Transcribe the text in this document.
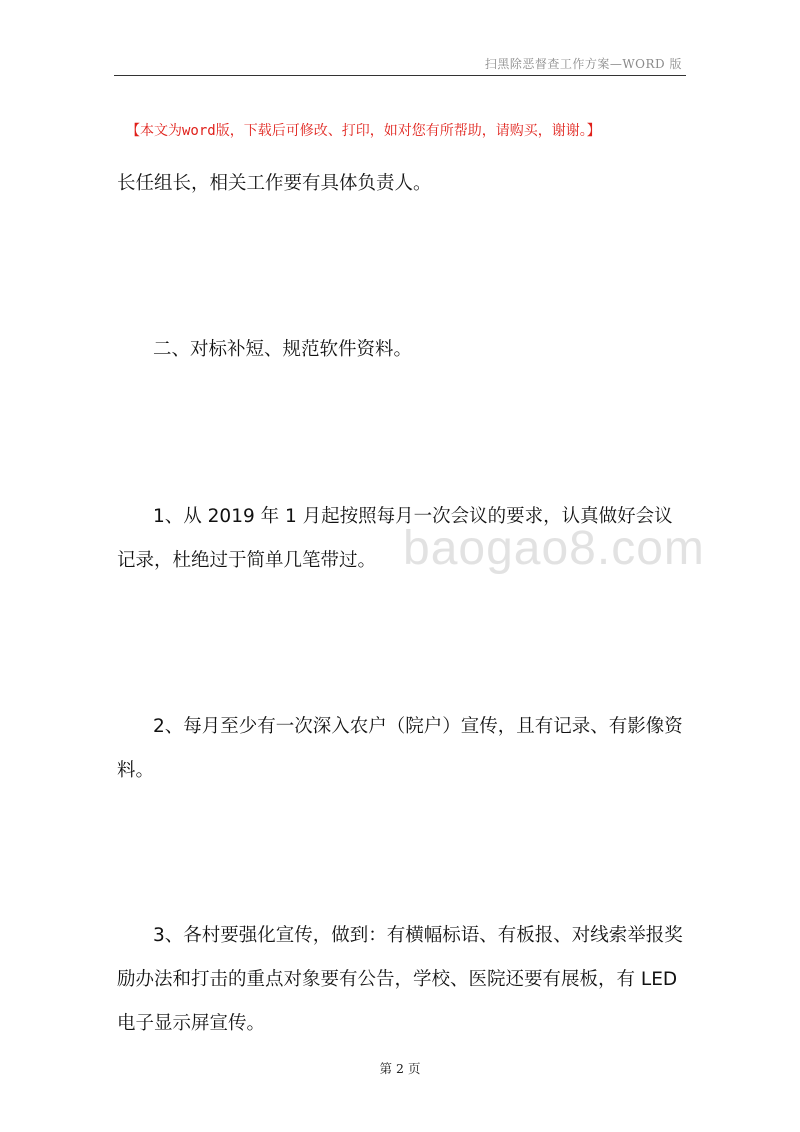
扫黑除恶督查工作方案—WORD 版
【本文为word版，下载后可修改、打印，如对您有所帮助，请购买，谢谢。】
长任组长，相关工作要有具体负责人。
二、对标补短、规范软件资料。
1、从 2019 年 1 月起按照每月一次会议的要求，认真做好会议记录，杜绝过于简单几笔带过。 baogao8.com
2、每月至少有一次深入农户（院户）宣传，且有记录、有影像资料。
3、各村要强化宣传，做到：有横幅标语、有板报、对线索举报奖励办法和打击的重点对象要有公告，学校、医院还要有展板，有 LED 电子显示屏宣传。
第 2 页
